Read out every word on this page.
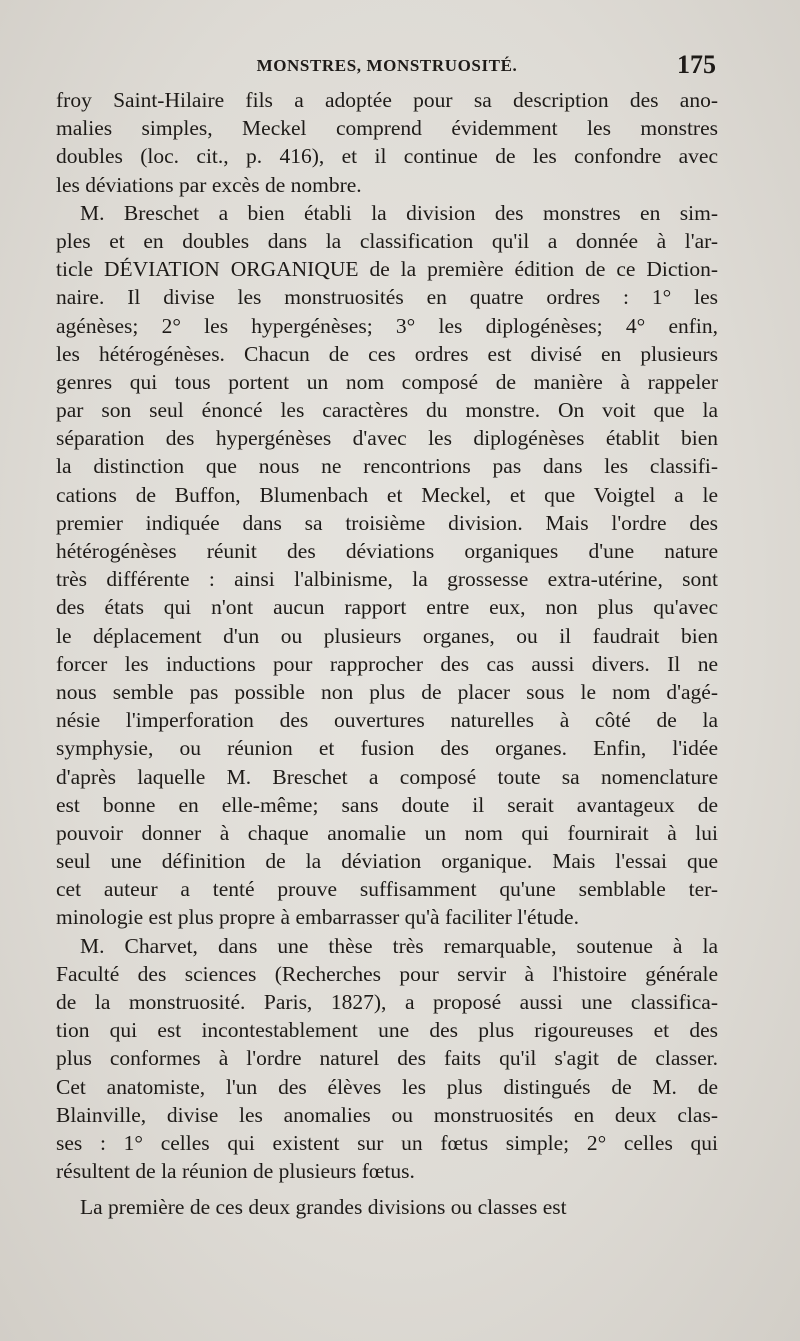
MONSTRES, MONSTRUOSITÉ.	175
froy Saint-Hilaire fils a adoptée pour sa description des ano-
malies simples, Meckel comprend évidemment les monstres
doubles (loc. cit., p. 416), et il continue de les confondre avec
les déviations par excès de nombre.
M. Breschet a bien établi la division des monstres en sim-
ples et en doubles dans la classification qu'il a donnée à l'ar-
ticle DÉVIATION ORGANIQUE de la première édition de ce Diction-
naire. Il divise les monstruosités en quatre ordres : 1° les
agénèses; 2° les hypergénèses; 3° les diplogénèses; 4° enfin,
les hétérogénèses. Chacun de ces ordres est divisé en plusieurs
genres qui tous portent un nom composé de manière à rappeler
par son seul énoncé les caractères du monstre. On voit que la
séparation des hypergénèses d'avec les diplogénèses établit bien
la distinction que nous ne rencontrions pas dans les classifi-
cations de Buffon, Blumenbach et Meckel, et que Voigtel a le
premier indiquée dans sa troisième division. Mais l'ordre des
hétérogénèses réunit des déviations organiques d'une nature
très différente : ainsi l'albinisme, la grossesse extra-utérine, sont
des états qui n'ont aucun rapport entre eux, non plus qu'avec
le déplacement d'un ou plusieurs organes, ou il faudrait bien
forcer les inductions pour rapprocher des cas aussi divers. Il ne
nous semble pas possible non plus de placer sous le nom d'agé-
nésie l'imperforation des ouvertures naturelles à côté de la
symphysie, ou réunion et fusion des organes. Enfin, l'idée
d'après laquelle M. Breschet a composé toute sa nomenclature
est bonne en elle-même; sans doute il serait avantageux de
pouvoir donner à chaque anomalie un nom qui fournirait à lui
seul une définition de la déviation organique. Mais l'essai que
cet auteur a tenté prouve suffisamment qu'une semblable ter-
minologie est plus propre à embarrasser qu'à faciliter l'étude.
M. Charvet, dans une thèse très remarquable, soutenue à la
Faculté des sciences (Recherches pour servir à l'histoire générale
de la monstruosité. Paris, 1827), a proposé aussi une classifica-
tion qui est incontestablement une des plus rigoureuses et des
plus conformes à l'ordre naturel des faits qu'il s'agit de classer.
Cet anatomiste, l'un des élèves les plus distingués de M. de
Blainville, divise les anomalies ou monstruosités en deux clas-
ses : 1° celles qui existent sur un fœtus simple; 2° celles qui
résultent de la réunion de plusieurs fœtus.
La première de ces deux grandes divisions ou classes est
